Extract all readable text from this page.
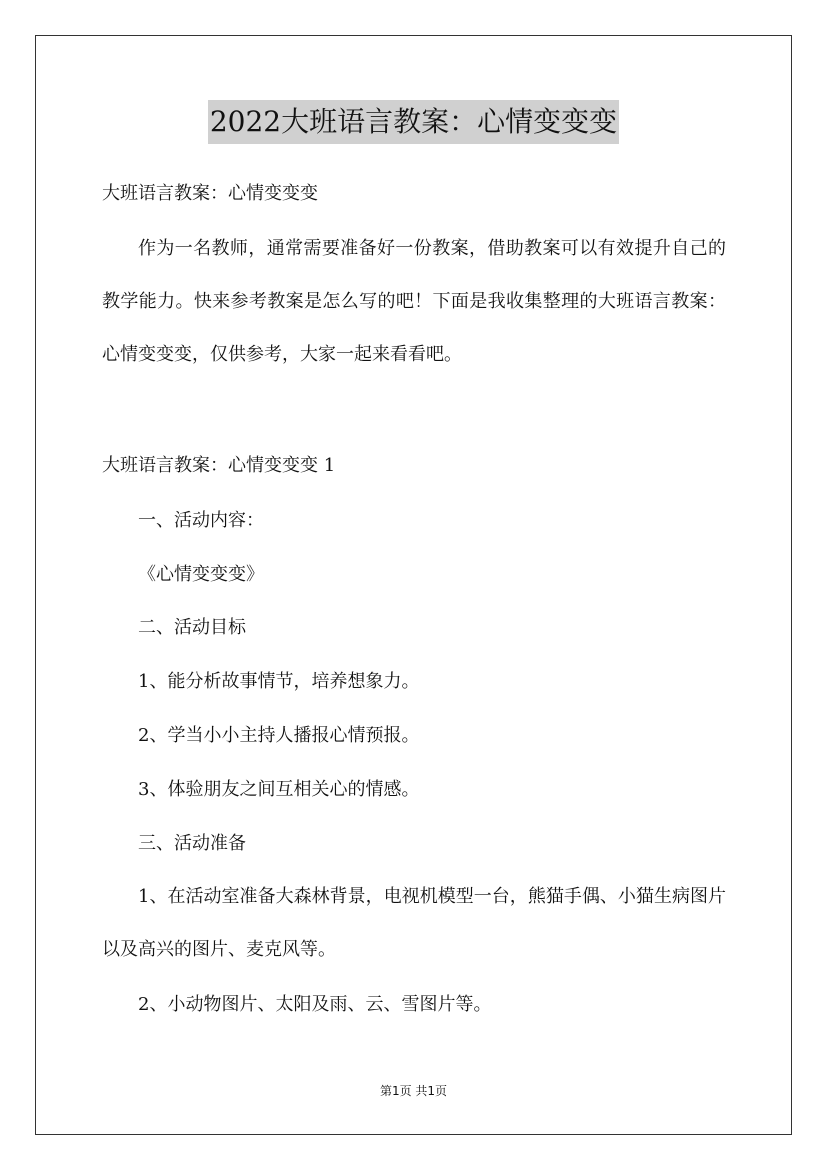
2022大班语言教案：心情变变变

大班语言教案：心情变变变

作为一名教师，通常需要准备好一份教案，借助教案可以有效提升自己的教学能力。快来参考教案是怎么写的吧！下面是我收集整理的大班语言教案：心情变变变，仅供参考，大家一起来看看吧。

大班语言教案：心情变变变 1

一、活动内容：

《心情变变变》

二、活动目标

1、能分析故事情节，培养想象力。

2、学当小小主持人播报心情预报。

3、体验朋友之间互相关心的情感。

三、活动准备

1、在活动室准备大森林背景，电视机模型一台，熊猫手偶、小猫生病图片以及高兴的图片、麦克风等。

2、小动物图片、太阳及雨、云、雪图片等。

第1页 共1页
